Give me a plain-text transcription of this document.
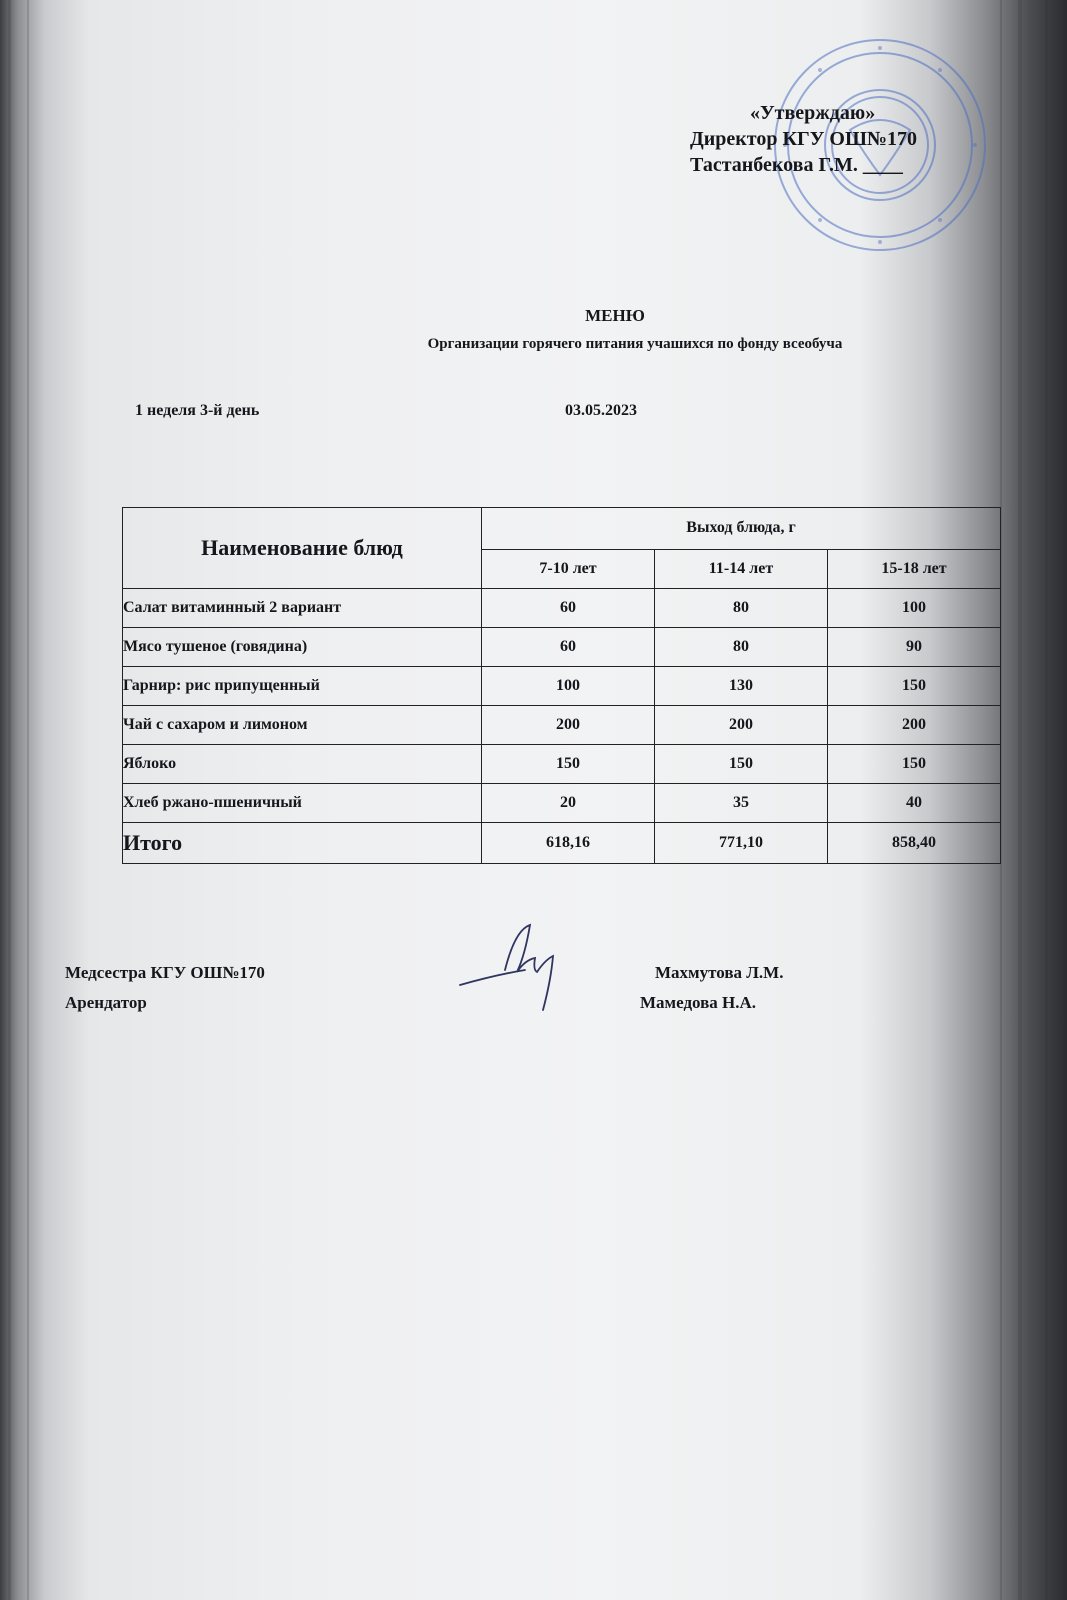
«Утверждаю»
Директор КГУ ОШ№170
Тастанбекова Г.М. ____
МЕНЮ
Организации горячего питания учашихся по фонду всеобуча
1 неделя 3-й день	03.05.2023
Наименование блюд	Выход блюда, г		
	7-10 лет	11-14 лет	15-18 лет
Салат витаминный 2 вариант	60	80	100
Мясо тушеное (говядина)	60	80	90
Гарнир: рис припущенный	100	130	150
Чай с сахаром и лимоном	200	200	200
Яблоко	150	150	150
Хлеб ржано-пшеничный	20	35	40
Итого	618,16	771,10	858,40
Медсестра КГУ ОШ№170	Махмутова Л.М.
Арендатор	Мамедова Н.А.
